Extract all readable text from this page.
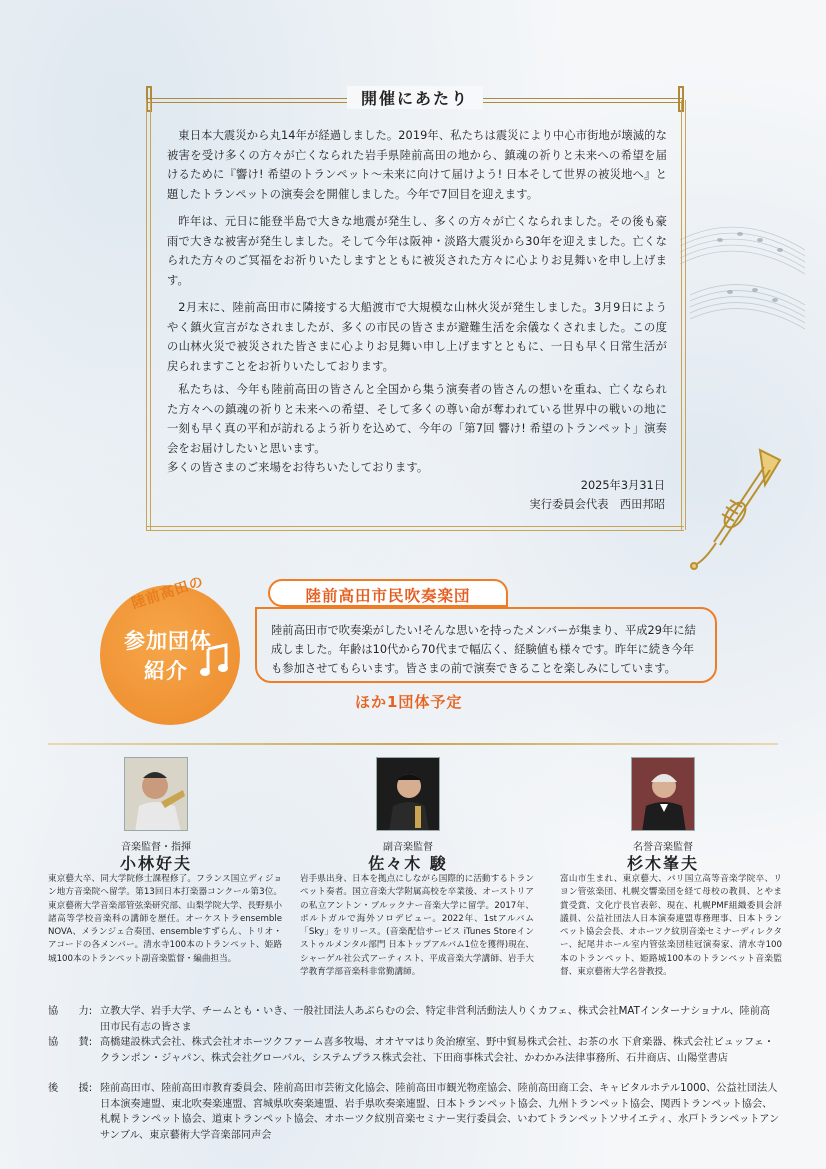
開催にあたり

東日本大震災から丸14年が経過しました。2019年、私たちは震災により中心市街地が壊滅的な被害を受け多くの方々が亡くなられた岩手県陸前高田の地から、鎮魂の祈りと未来への希望を届けるために『響け! 希望のトランペット〜未来に向けて届けよう! 日本そして世界の被災地へ』と題したトランペットの演奏会を開催しました。今年で7回目を迎えます。

昨年は、元日に能登半島で大きな地震が発生し、多くの方々が亡くなられました。その後も豪雨で大きな被害が発生しました。そして今年は阪神・淡路大震災から30年を迎えました。亡くなられた方々のご冥福をお祈りいたしますとともに被災された方々に心よりお見舞いを申し上げます。

2月末に、陸前高田市に隣接する大船渡市で大規模な山林火災が発生しました。3月9日にようやく鎮火宣言がなされましたが、多くの市民の皆さまが避難生活を余儀なくされました。この度の山林火災で被災された皆さまに心よりお見舞い申し上げますとともに、一日も早く日常生活が戻られますことをお祈りいたしております。

私たちは、今年も陸前高田の皆さんと全国から集う演奏者の皆さんの想いを重ね、亡くなられた方々への鎮魂の祈りと未来への希望、そして多くの尊い命が奪われている世界中の戦いの地に一刻も早く真の平和が訪れるよう祈りを込めて、今年の「第7回 響け! 希望のトランペット」演奏会をお届けしたいと思います。

多くの皆さまのご来場をお待ちいたしております。

2025年3月31日
実行委員会代表　西田邦昭
陸前高田の
参加団体
紹介
陸前高田市民吹奏楽団

陸前高田市で吹奏楽がしたい!そんな思いを持ったメンバーが集まり、平成29年に結成しました。年齢は10代から70代まで幅広く、経験値も様々です。昨年に続き今年も参加させてもらいます。皆さまの前で演奏できることを楽しみにしています。

ほか1団体予定
音楽監督・指揮
小林好夫

東京藝大卒、同大学院修士課程修了。フランス国立ディジョン地方音楽院へ留学。第13回日本打楽器コンクール第3位。東京藝術大学音楽部管弦楽研究部、山梨学院大学、長野県小諸高等学校音楽科の講師を歴任。オーケストラensemble NOVA、メランジェ合奏団、ensembleすずらん、トリオ・アコードの各メンバー。清水寺100本のトランペット、姫路城100本のトランペット副音楽監督・編曲担当。

副音楽監督
佐々木 駿

岩手県出身、日本を拠点にしながら国際的に活動するトランペット奏者。国立音楽大学附属高校を卒業後、オーストリアの私立アントン・ブルックナー音楽大学に留学。2017年、ポルトガルで海外ソロデビュー。2022年、1stアルバム「Sky」をリリース。(音楽配信サービス iTunes Storeインストゥルメンタル部門 日本トップアルバム1位を獲得)現在、シャーゲル社公式アーティスト、平成音楽大学講師、岩手大学教育学部音楽科非常勤講師。

名誉音楽監督
杉木峯夫

富山市生まれ、東京藝大、パリ国立高等音楽学院卒、リヨン管弦楽団、札幌交響楽団を経て母校の教員、とやま賞受賞、文化庁長官表彰、現在、札幌PMF組織委員会評議員、公益社団法人日本演奏連盟専務理事、日本トランペット協会会長、オホーツク紋別音楽セミナーディレクター、紀尾井ホール室内管弦楽団桂冠演奏家、清水寺100本のトランペット、姫路城100本のトランペット音楽監督、東京藝術大学名誉教授。

協　　力: 立教大学、岩手大学、チームとも・いき、一般社団法人あぶらむの会、特定非営利活動法人りくカフェ、株式会社MATインターナショナル、陸前高田市民有志の皆さま
協　　賛: 高橋建設株式会社、株式会社オホーツクファーム喜多牧場、オオヤマはり灸治療室、野中貿易株式会社、お茶の水 下倉楽器、株式会社ビュッフェ・クランポン・ジャパン、株式会社グローバル、システムプラス株式会社、下田商事株式会社、かわかみ法律事務所、石井商店、山陽堂書店
後　　援: 陸前高田市、陸前高田市教育委員会、陸前高田市芸術文化協会、陸前高田市観光物産協会、陸前高田商工会、キャピタルホテル1000、公益社団法人日本演奏連盟、東北吹奏楽連盟、宮城県吹奏楽連盟、岩手県吹奏楽連盟、日本トランペット協会、九州トランペット協会、関西トランペット協会、札幌トランペット協会、道東トランペット協会、オホーツク紋別音楽セミナー実行委員会、いわてトランペットソサイエティ、水戸トランペットアンサンブル、東京藝術大学音楽部同声会
